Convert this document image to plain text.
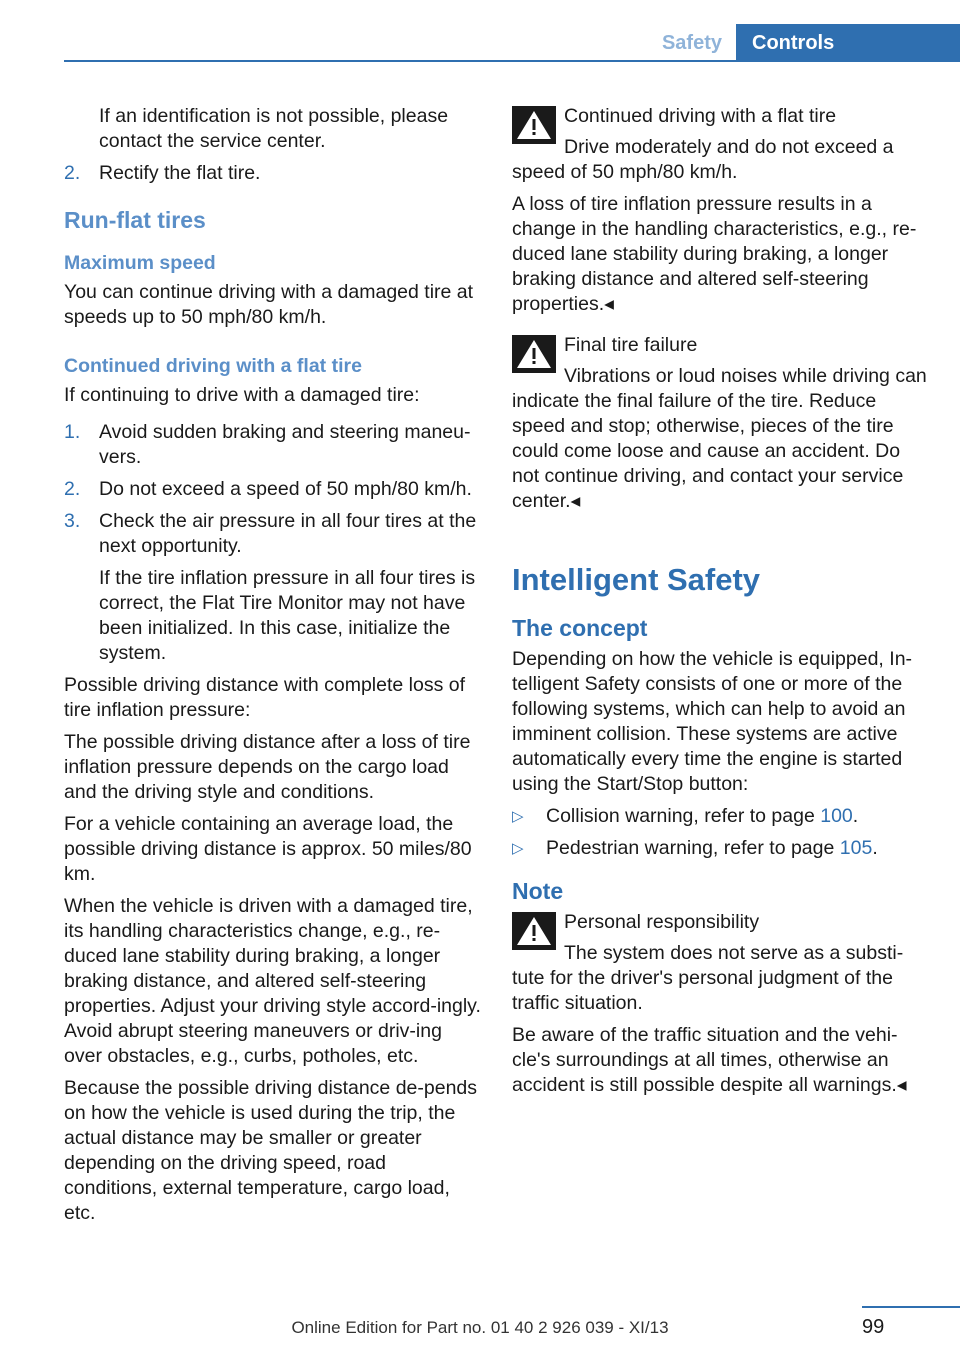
Safety	Controls

If an identification is not possible, please contact the service center.

2. Rectify the flat tire.
Run-flat tires
Maximum speed

You can continue driving with a damaged tire at speeds up to 50 mph/80 km/h.

Continued driving with a flat tire

If continuing to drive with a damaged tire:

1. Avoid sudden braking and steering maneu-vers.
2. Do not exceed a speed of 50 mph/80 km/h.
3. Check the air pressure in all four tires at the next opportunity.

If the tire inflation pressure in all four tires is correct, the Flat Tire Monitor may not have been initialized. In this case, initialize the system.

Possible driving distance with complete loss of tire inflation pressure:

The possible driving distance after a loss of tire inflation pressure depends on the cargo load and the driving style and conditions.

For a vehicle containing an average load, the possible driving distance is approx. 50 miles/80 km.

When the vehicle is driven with a damaged tire, its handling characteristics change, e.g., re-duced lane stability during braking, a longer braking distance, and altered self-steering properties. Adjust your driving style accord-ingly. Avoid abrupt steering maneuvers or driv-ing over obstacles, e.g., curbs, potholes, etc.

Because the possible driving distance de-pends on how the vehicle is used during the trip, the actual distance may be smaller or greater depending on the driving speed, road conditions, external temperature, cargo load, etc.

Continued driving with a flat tire

Drive moderately and do not exceed a speed of 50 mph/80 km/h.

A loss of tire inflation pressure results in a change in the handling characteristics, e.g., re-duced lane stability during braking, a longer braking distance and altered self-steering properties.◂

Final tire failure

Vibrations or loud noises while driving can indicate the final failure of the tire. Reduce speed and stop; otherwise, pieces of the tire could come loose and cause an accident. Do not continue driving, and contact your service center.◂

Intelligent Safety
The concept

Depending on how the vehicle is equipped, In-telligent Safety consists of one or more of the following systems, which can help to avoid an imminent collision. These systems are active automatically every time the engine is started using the Start/Stop button:

▷	Collision warning, refer to page 100.
▷	Pedestrian warning, refer to page 105.
Note

Personal responsibility

The system does not serve as a substi-tute for the driver's personal judgment of the traffic situation.

Be aware of the traffic situation and the vehi-cle's surroundings at all times, otherwise an accident is still possible despite all warnings.◂

99
Online Edition for Part no. 01 40 2 926 039 - XI/13
